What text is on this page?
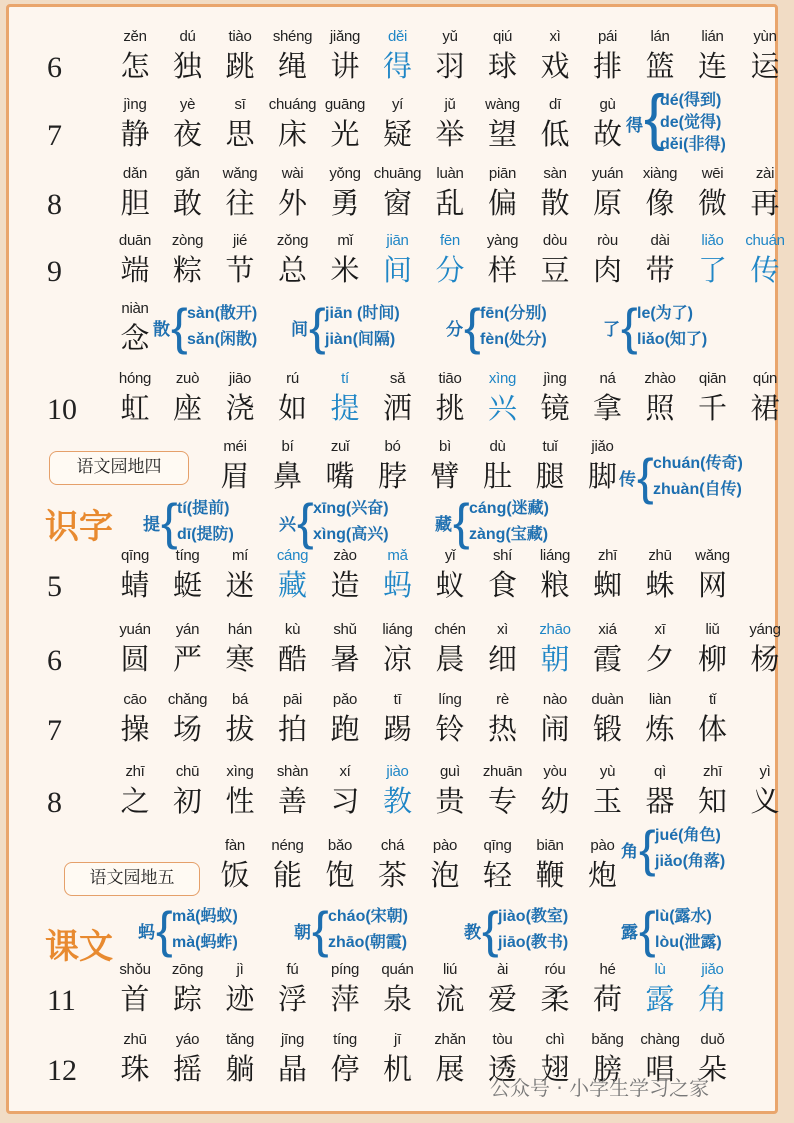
6
zěn
怎
dú
独
tiào
跳
shéng
绳
jiǎng
讲
děi
得
yǔ
羽
qiú
球
xì
戏
pái
排
lán
篮
lián
连
yùn
运
7
jìng
静
yè
夜
sī
思
chuáng
床
guāng
光
yí
疑
jǔ
举
wàng
望
dī
低
gù
故
8
dǎn
胆
gǎn
敢
wǎng
往
wài
外
yǒng
勇
chuāng
窗
luàn
乱
piān
偏
sàn
散
yuán
原
xiàng
像
wēi
微
zài
再
9
duān
端
zòng
粽
jié
节
zǒng
总
mǐ
米
jiān
间
fēn
分
yàng
样
dòu
豆
ròu
肉
dài
带
liǎo
了
chuán
传
niàn
念
10
hóng
虹
zuò
座
jiāo
浇
rú
如
tí
提
sǎ
洒
tiāo
挑
xìng
兴
jìng
镜
ná
拿
zhào
照
qiān
千
qún
裙
méi
眉
bí
鼻
zuǐ
嘴
bó
脖
bì
臂
dù
肚
tuǐ
腿
jiǎo
脚
5
qīng
蜻
tíng
蜓
mí
迷
cáng
藏
zào
造
mǎ
蚂
yǐ
蚁
shí
食
liáng
粮
zhī
蜘
zhū
蛛
wǎng
网
6
yuán
圆
yán
严
hán
寒
kù
酷
shǔ
暑
liáng
凉
chén
晨
xì
细
zhāo
朝
xiá
霞
xī
夕
liǔ
柳
yáng
杨
7
cāo
操
chǎng
场
bá
拔
pāi
拍
pǎo
跑
tī
踢
líng
铃
rè
热
nào
闹
duàn
锻
liàn
炼
tǐ
体
8
zhī
之
chū
初
xìng
性
shàn
善
xí
习
jiào
教
guì
贵
zhuān
专
yòu
幼
yù
玉
qì
器
zhī
知
yì
义
fàn
饭
néng
能
bǎo
饱
chá
茶
pào
泡
qīng
轻
biān
鞭
pào
炮
11
shǒu
首
zōng
踪
jì
迹
fú
浮
píng
萍
quán
泉
liú
流
ài
爱
róu
柔
hé
荷
lù
露
jiǎo
角
12
zhū
珠
yáo
摇
tǎng
躺
jīng
晶
tíng
停
jī
机
zhǎn
展
tòu
透
chì
翅
bǎng
膀
chàng
唱
duǒ
朵
语文园地四
识字
语文园地五
课文
得 {
dé(得到)
de(觉得)
děi(非得)
散 { sàn(散开)
sǎn(闲散)
间 { jiān (时间)
jiàn(间隔)
分 { fēn(分别)
fèn(处分)
了 { le(为了)
liǎo(知了)
传 { chuán(传奇)
zhuàn(自传)
提 { tí(提前)
dī(提防)
兴 { xīng(兴奋)
xìng(高兴)
藏 { cáng(迷藏)
zàng(宝藏)
角 { jué(角色)
jiǎo(角落)
蚂 { mǎ(蚂蚁)
mà(蚂蚱)
朝 { cháo(宋朝)
zhāo(朝霞)
教 { jiào(教室)
jiāo(教书)
露 { lù(露水)
lòu(泄露)
公众号 · 小学生学习之家
